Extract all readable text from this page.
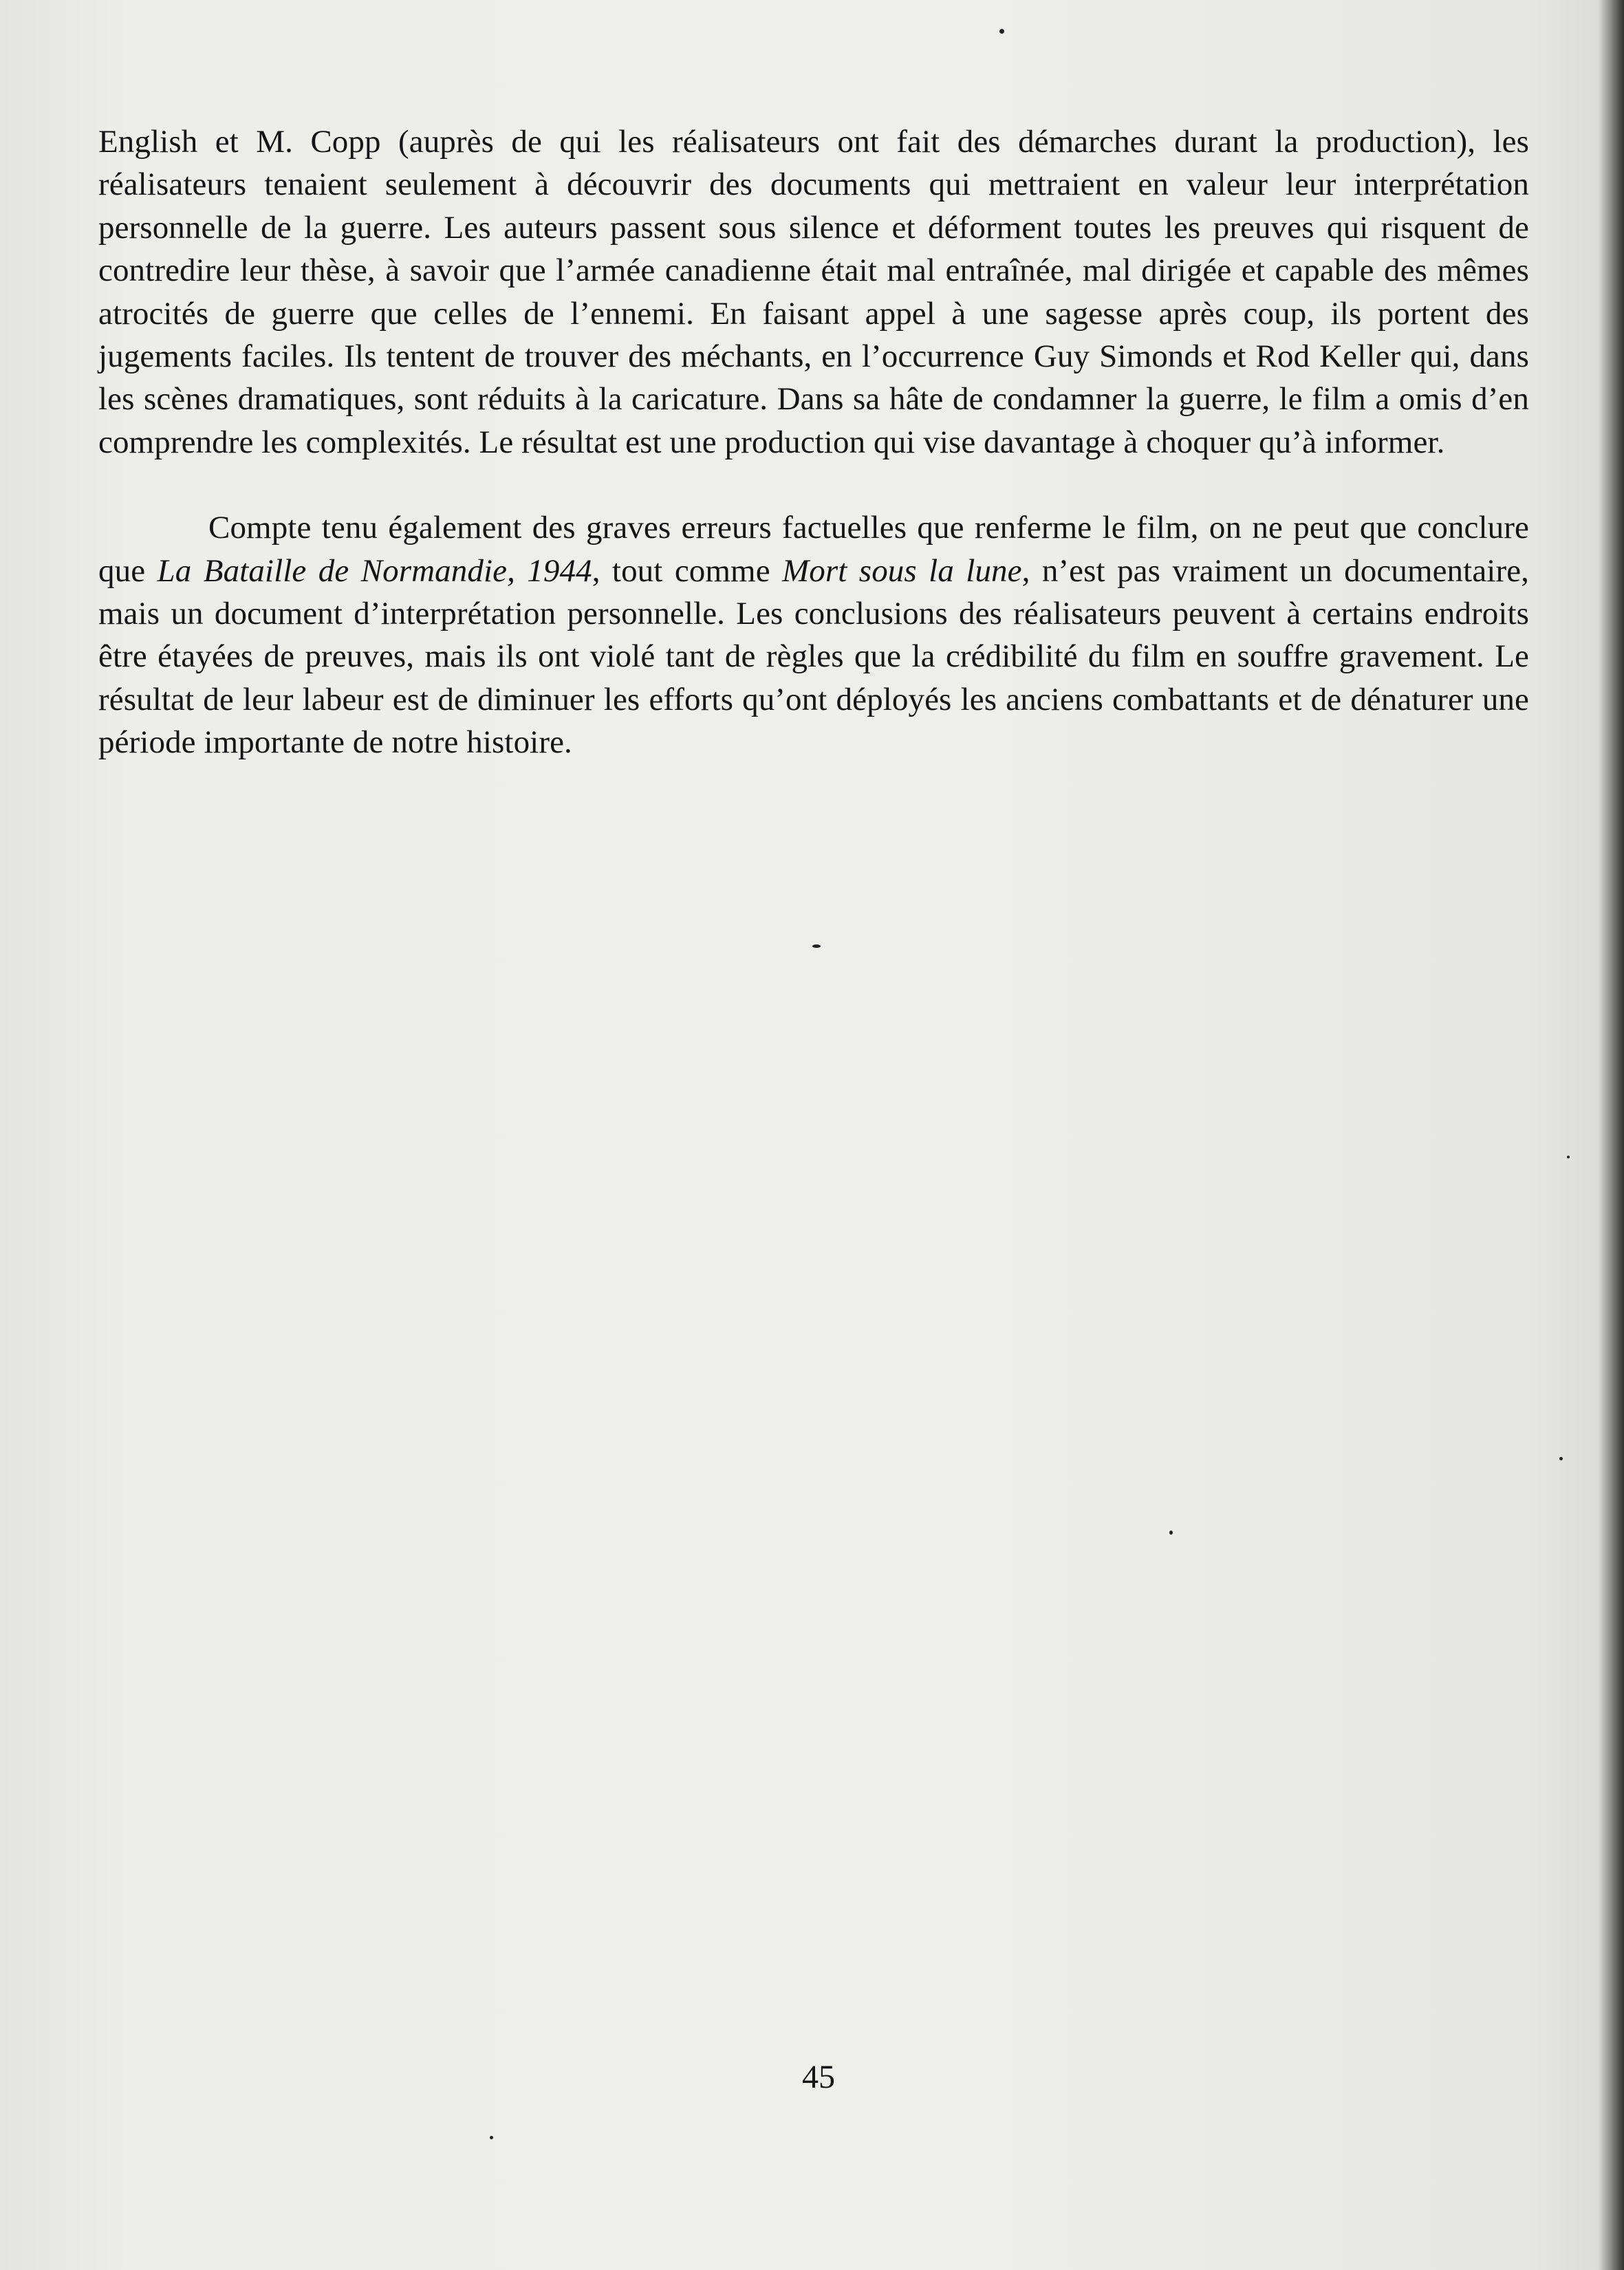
English et M. Copp (auprès de qui les réalisateurs ont fait des démarches durant la production), les réalisateurs tenaient seulement à découvrir des documents qui mettraient en valeur leur interprétation personnelle de la guerre. Les auteurs passent sous silence et déforment toutes les preuves qui risquent de contredire leur thèse, à savoir que l’armée canadienne était mal entraînée, mal dirigée et capable des mêmes atrocités de guerre que celles de l’ennemi. En faisant appel à une sagesse après coup, ils portent des jugements faciles. Ils tentent de trouver des méchants, en l’occurrence Guy Simonds et Rod Keller qui, dans les scènes dramatiques, sont réduits à la caricature. Dans sa hâte de condamner la guerre, le film a omis d’en comprendre les complexités. Le résultat est une production qui vise davantage à choquer qu’à informer.

Compte tenu également des graves erreurs factuelles que renferme le film, on ne peut que conclure que La Bataille de Normandie, 1944, tout comme Mort sous la lune, n’est pas vraiment un documentaire, mais un document d’interprétation personnelle. Les conclusions des réalisateurs peuvent à certains endroits être étayées de preuves, mais ils ont violé tant de règles que la crédibilité du film en souffre gravement. Le résultat de leur labeur est de diminuer les efforts qu’ont déployés les anciens combattants et de dénaturer une période importante de notre histoire.

45
